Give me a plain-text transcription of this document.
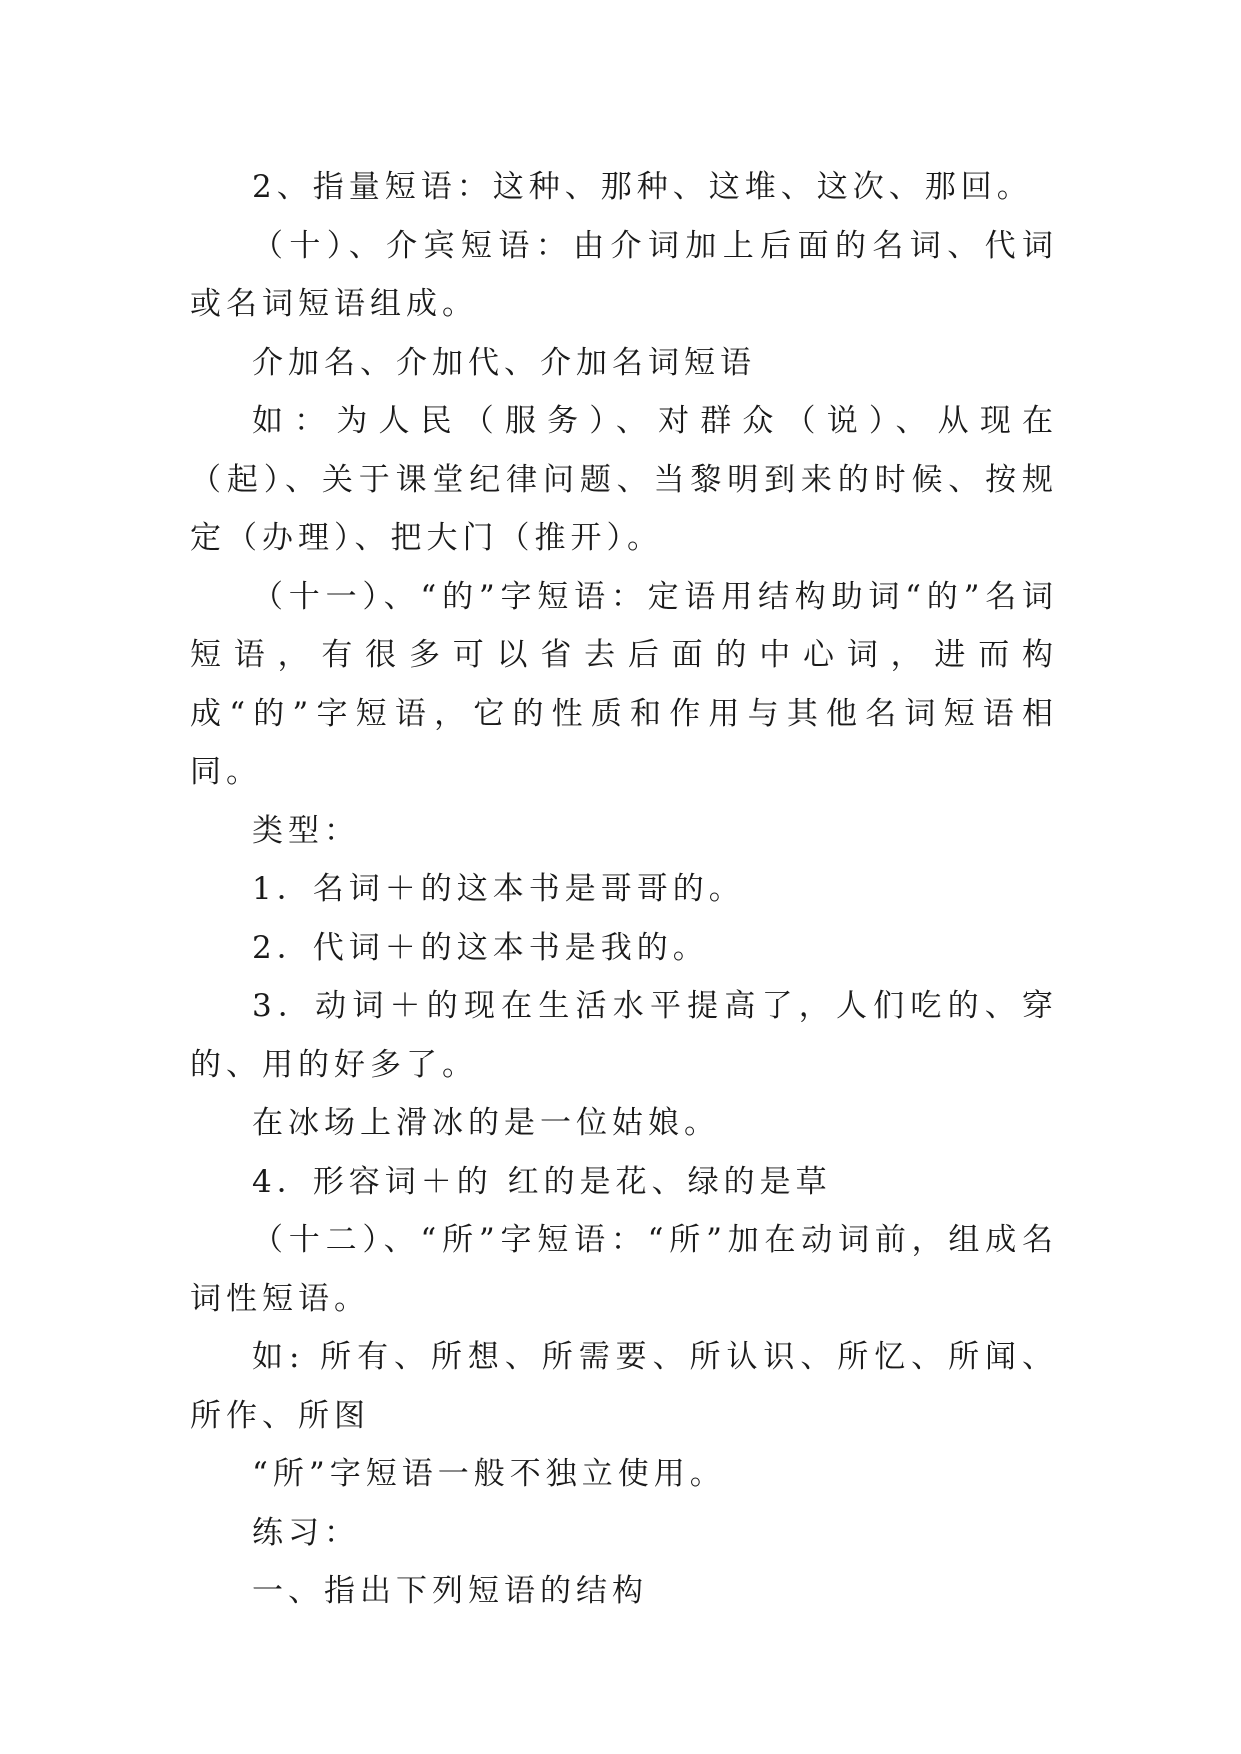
2、指量短语：这种、那种、这堆、这次、那回。

（十）、介宾短语：由介词加上后面的名词、代词或名词短语组成。

介加名、介加代、介加名词短语

如：为人民（服务）、对群众（说）、从现在（起）、关于课堂纪律问题、当黎明到来的时候、按规定（办理）、把大门（推开）。

（十一）、“的”字短语：定语用结构助词“的”名词短语，有很多可以省去后面的中心词，进而构成“的”字短语，它的性质和作用与其他名词短语相同。

类型：

1．名词＋的这本书是哥哥的。

2．代词＋的这本书是我的。

3．动词＋的现在生活水平提高了，人们吃的、穿的、用的好多了。

在冰场上滑冰的是一位姑娘。

4．形容词＋的 红的是花、绿的是草

（十二）、“所”字短语：“所”加在动词前，组成名词性短语。

如: 所有、所想、所需要、所认识、所忆、所闻、所作、所图

“所”字短语一般不独立使用。

练习：

一、指出下列短语的结构
